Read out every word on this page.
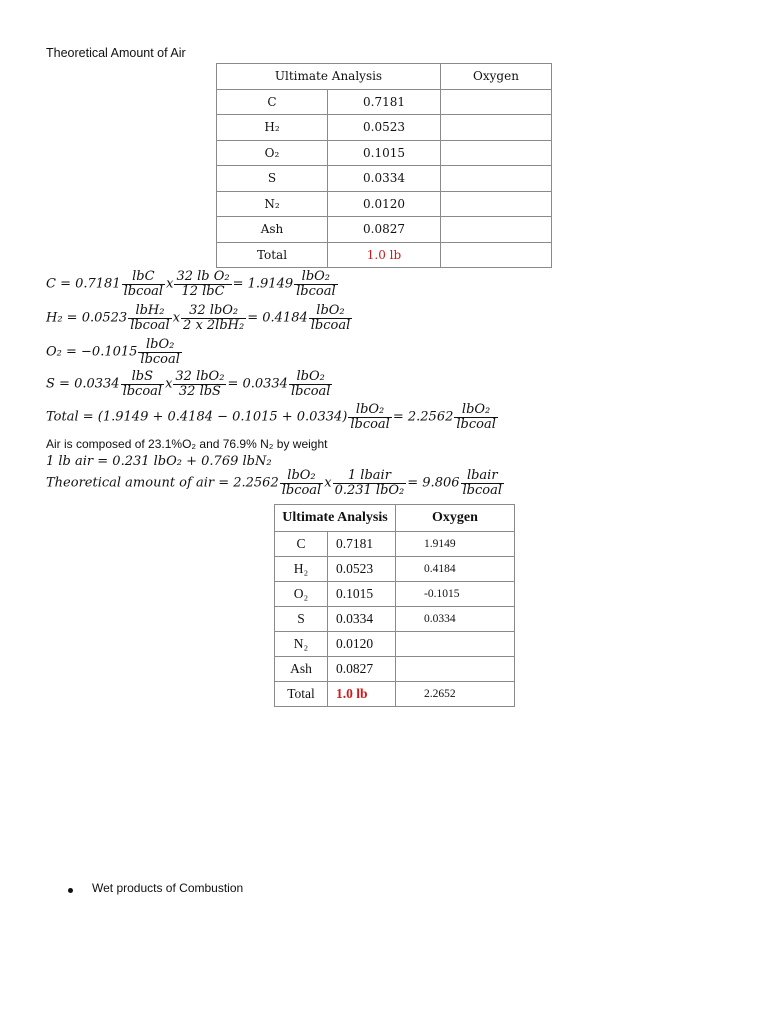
Theoretical Amount of Air
Ultimate Analysis		Oxygen
C	0.7181	
H₂	0.0523	
O₂	0.1015	
S	0.0334	
N₂	0.0120	
Ash	0.0827	
Total	1.0 lb	
$C = 0.7181 \frac{\text{lbC}}{\text{lbcoal}}$ x $\frac{\text{32 lb O₂}}{\text{12 lbC}} = 1.9149 \frac{\text{lbO₂}}{\text{lbcoal}}$
$H_2 = 0.0523 \frac{\text{lbH₂}}{\text{lbcoal}}$ x $\frac{\text{32 lbO₂}}{\text{2 x 2lbH₂}} = 0.4184 \frac{\text{lbO₂}}{\text{lbcoal}}$
$O_2 = -0.1015 \frac{\text{lbO₂}}{\text{lbcoal}}$
$S = 0.0334 \frac{\text{lbS}}{\text{lbcoal}}$ x $\frac{\text{32 lbO₂}}{\text{32 lbS}} = 0.0334 \frac{\text{lbO₂}}{\text{lbcoal}}$
Total = $(1.9149 + 0.4184 - 0.1015 + 0.0334) \frac{\text{lbO₂}}{\text{lbcoal}} = 2.2562 \frac{\text{lbO₂}}{\text{lbcoal}}$
Air is composed of 23.1%O₂ and 76.9% N₂ by weight
1 lb air = 0.231 lbO₂ + 0.769 lbN₂
Theoretical amount of air = $2.2562 \frac{\text{lbO₂}}{\text{lbcoal}}$ x $\frac{\text{1 lbair}}{\text{0.231 lbO₂}} = 9.806 \frac{\text{lbair}}{\text{lbcoal}}$
Ultimate Analysis		Oxygen
C	0.7181	1.9149
H₂	0.0523	0.4184
O₂	0.1015	-0.1015
S	0.0334	0.0334
N₂	0.0120	
Ash	0.0827	
Total	1.0 lb	2.2652
Wet products of Combustion
